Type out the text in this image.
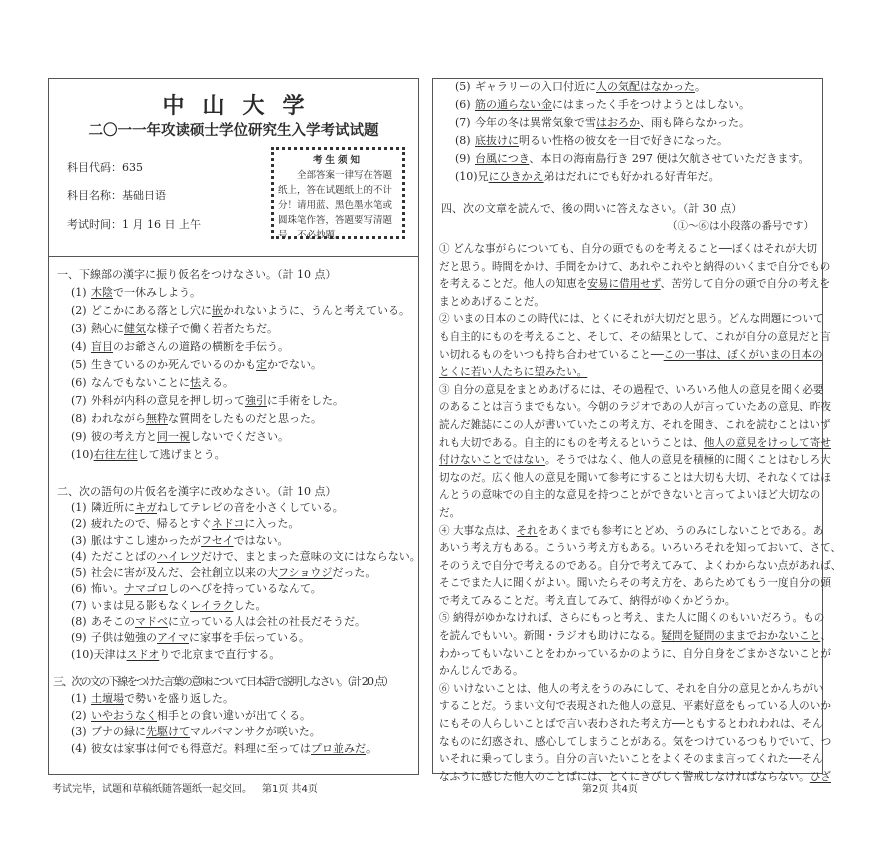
中山大学
二〇一一年攻读硕士学位研究生入学考试试题
科目代码：635
科目名称：基础日语
考试时间：1 月 16 日 上午
考生须知
全部答案一律写在答题纸上，答在试题纸上的不计分！请用蓝、黑色墨水笔或圆珠笔作答，答题要写清题号，不必抄题。
一、下線部の漢字に振り仮名をつけなさい。（計 10 点）
(1) 木陰で一休みしよう。
(2) どこかにある落とし穴に嵌かれないように、うんと考えている。
(3) 熱心に健気な様子で働く若者たちだ。
(4) 盲目のお爺さんの道路の横断を手伝う。
(5) 生きているのか死んでいるのかも定かでない。
(6) なんでもないことに怯える。
(7) 外科が内科の意見を押し切って強引に手術をした。
(8) われながら無粋な質問をしたものだと思った。
(9) 彼の考え方と同一視しないでください。
(10)右往左往して逃げまとう。
二、次の語句の片仮名を漢字に改めなさい。（計 10 点）
(1) 隣近所にキガねしてテレビの音を小さくしている。
(2) 疲れたので、帰るとすぐネドコに入った。
(3) 脈はすこし速かったがフセイではない。
(4) ただことばのハイレツだけで、まとまった意味の文にはならない。
(5) 社会に害が及んだ、会社創立以来の大フショウジだった。
(6) 怖い。ナマゴロしのへびを持っているなんて。
(7) いまは見る影もなくレイラクした。
(8) あそこのマドベに立っている人は会社の社長だそうだ。
(9) 子供は勉強のアイマに家事を手伝っている。
(10)天津はスドオりで北京まで直行する。
三、次の文の下線をつけた言葉の意味について日本語で説明しなさい。（計 20 点）
(1) 土壇場で勢いを盛り返した。
(2) いやおうなく相手との食い違いが出てくる。
(3) ブナの緑に先駆けてマルバマンサクが咲いた。
(4) 彼女は家事は何でも得意だ。料理に至ってはプロ並みだ。
(5) ギャラリーの入口付近に人の気配はなかった。
(6) 筋の通らない金にはまったく手をつけようとはしない。
(7) 今年の冬は異常気象で雪はおろか、雨も降らなかった。
(8) 底抜けに明るい性格の彼女を一目で好きになった。
(9) 台風につき、本日の海南島行き 297 便は欠航させていただきます。
(10)兄にひきかえ弟はだれにでも好かれる好青年だ。
四、次の文章を読んで、後の問いに答えなさい。（計 30 点）
（①～⑥は小段落の番号です）
① どんな事がらについても、自分の頭でものを考えること──ぼくはそれが大切
だと思う。時間をかけ、手間をかけて、あれやこれやと納得のいくまで自分でもの
を考えることだ。他人の知恵を安易に借用せず、苦労して自分の頭で自分の考えを
まとめあげることだ。
② いまの日本のこの時代には、とくにそれが大切だと思う。どんな問題について
も自主的にものを考えること、そして、その結果として、これが自分の意見だと言
い切れるものをいつも持ち合わせていること──この一事は、ぼくがいまの日本の
とくに若い人たちに望みたい。
③ 自分の意見をまとめあげるには、その過程で、いろいろ他人の意見を聞く必要
のあることは言うまでもない。今朝のラジオであの人が言っていたあの意見、昨夜
読んだ雑誌にこの人が書いていたこの考え方、それを聞き、これを読むことはいず
れも大切である。自主的にものを考えるということは、他人の意見をけっして寄せ
付けないことではない。そうではなく、他人の意見を積極的に聞くことはむしろ大
切なのだ。広く他人の意見を聞いて参考にすることは大切も大切、それなくてはほ
んとうの意味での自主的な意見を持つことができないと言ってよいほど大切なの
だ。
④ 大事な点は、それをあくまでも参考にとどめ、うのみにしないことである。あ
あいう考え方もある。こういう考え方もある。いろいろそれを知っておいて、さて、
そのうえで自分で考えるのである。自分で考えてみて、よくわからない点があれば、
そこでまた人に聞くがよい。聞いたらその考え方を、あらためてもう一度自分の頭
で考えてみることだ。考え直してみて、納得がゆくかどうか。
⑤ 納得がゆかなければ、さらにもっと考え、また人に聞くのもいいだろう。もの
を読んでもいい。新聞・ラジオも助けになる。疑問を疑問のままでおかないこと、
わかってもいないことをわかっているかのように、自分自身をごまかさないことが
かんじんである。
⑥ いけないことは、他人の考えをうのみにして、それを自分の意見とかんちがい
することだ。うまい文句で表現された他人の意見、平素好意をもっている人のいか
にもその人らしいことばで言い表わされた考え方──ともするとわれわれは、そん
なものに幻惑され、感心してしまうことがある。気をつけているつもりでいて、つ
いそれに乗ってしまう。自分の言いたいことをよくそのまま言ってくれた──そん
なふうに感じた他人のことばには、とくにきびしく警戒しなければならない。ひざ
考试完毕，试题和草稿纸随答题纸一起交回。 第1页 共4页	第2页 共4页
